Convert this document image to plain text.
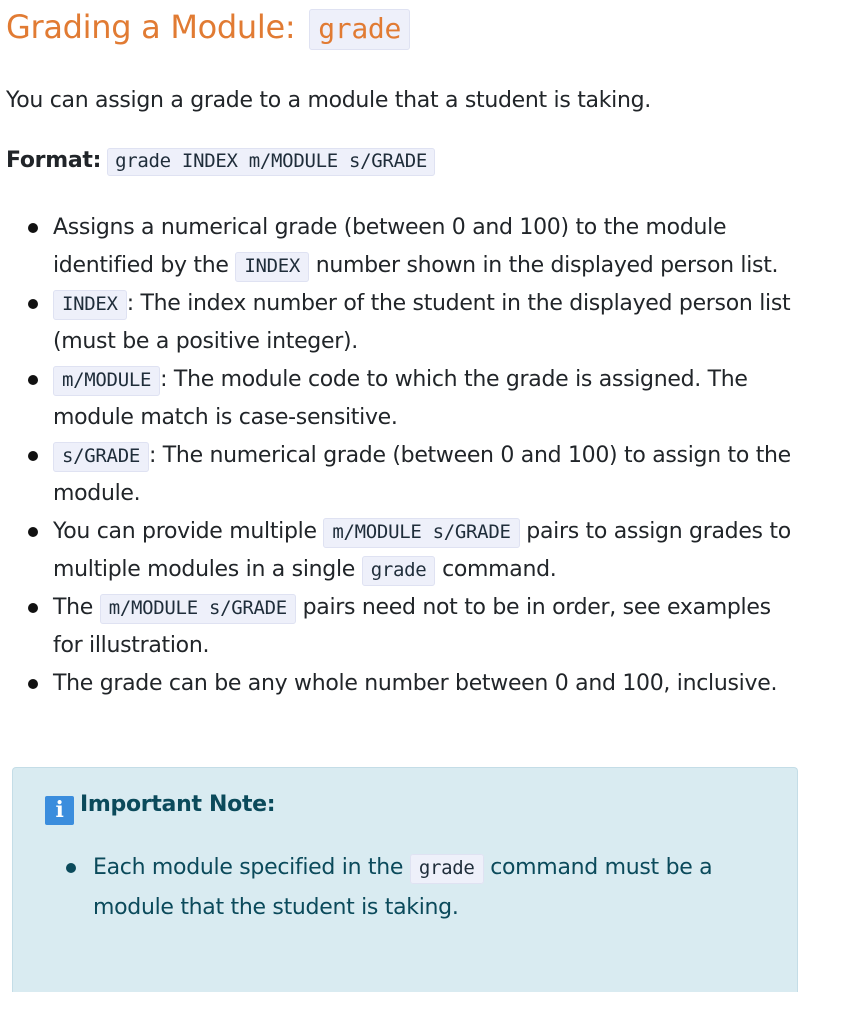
Grading a Module: grade

You can assign a grade to a module that a student is taking.

Format: grade INDEX m/MODULE s/GRADE

Assigns a numerical grade (between 0 and 100) to the module identified by the INDEX number shown in the displayed person list.
INDEX : The index number of the student in the displayed person list (must be a positive integer).
m/MODULE : The module code to which the grade is assigned. The module match is case-sensitive.
s/GRADE : The numerical grade (between 0 and 100) to assign to the module.
You can provide multiple m/MODULE s/GRADE pairs to assign grades to multiple modules in a single grade command.
The m/MODULE s/GRADE pairs need not to be in order, see examples for illustration.
The grade can be any whole number between 0 and 100, inclusive.
i Important Note:
Each module specified in the grade command must be a module that the student is taking.
